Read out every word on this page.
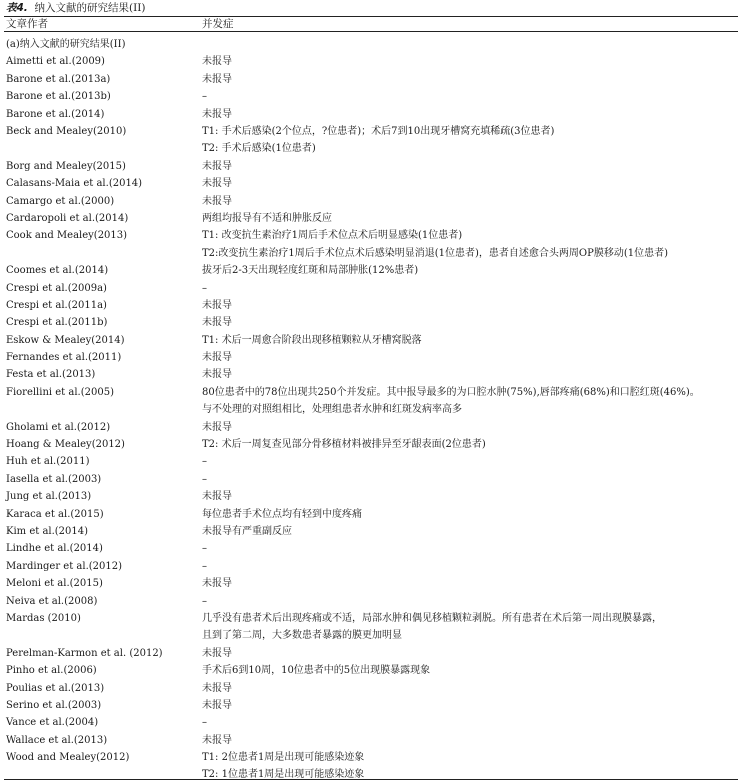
表4. 纳入文献的研究结果(II)
文章作者	并发症
(a)纳入文献的研究结果(II)
Aimetti et al.(2009)	未报导
Barone et al.(2013a)	未报导
Barone et al.(2013b)	–
Barone et al.(2014)	未报导
Beck and Mealey(2010)	T1: 手术后感染(2个位点，?位患者)；术后7到10出现牙槽窝充填稀疏(3位患者)
T2: 手术后感染(1位患者)
Borg and Mealey(2015)	未报导
Calasans-Maia et al.(2014)	未报导
Camargo et al.(2000)	未报导
Cardaropoli et al.(2014)	两组均报导有不适和肿胀反应
Cook and Mealey(2013)	T1: 改变抗生素治疗1周后手术位点术后明显感染(1位患者)
T2:改变抗生素治疗1周后手术位点术后感染明显消退(1位患者)，患者自述愈合头两周OP膜移动(1位患者)
Coomes et al.(2014)	拔牙后2-3天出现轻度红斑和局部肿胀(12%患者)
Crespi et al.(2009a)	–
Crespi et al.(2011a)	未报导
Crespi et al.(2011b)	未报导
Eskow & Mealey(2014)	T1: 术后一周愈合阶段出现移植颗粒从牙槽窝脱落
Fernandes et al.(2011)	未报导
Festa et al.(2013)	未报导
Fiorellini et al.(2005)	80位患者中的78位出现共250个并发症。其中报导最多的为口腔水肿(75%),唇部疼痛(68%)和口腔红斑(46%)。
与不处理的对照组相比，处理组患者水肿和红斑发病率高多
Gholami et al.(2012)	未报导
Hoang & Mealey(2012)	T2: 术后一周复查见部分骨移植材料被排异至牙龈表面(2位患者)
Huh et al.(2011)	–
Iasella et al.(2003)	–
Jung et al.(2013)	未报导
Karaca et al.(2015)	每位患者手术位点均有轻到中度疼痛
Kim et al.(2014)	未报导有严重副反应
Lindhe et al.(2014)	–
Mardinger et al.(2012)	–
Meloni et al.(2015)	未报导
Neiva et al.(2008)	–
Mardas (2010)	几乎没有患者术后出现疼痛或不适，局部水肿和偶见移植颗粒剥脱。所有患者在术后第一周出现膜暴露，
且到了第二周，大多数患者暴露的膜更加明显
Perelman-Karmon et al. (2012)	未报导
Pinho et al.(2006)	手术后6到10周，10位患者中的5位出现膜暴露现象
Poulias et al.(2013)	未报导
Serino et al.(2003)	未报导
Vance et al.(2004)	–
Wallace et al.(2013)	未报导
Wood and Mealey(2012)	T1: 2位患者1周是出现可能感染迹象
T2: 1位患者1周是出现可能感染迹象
